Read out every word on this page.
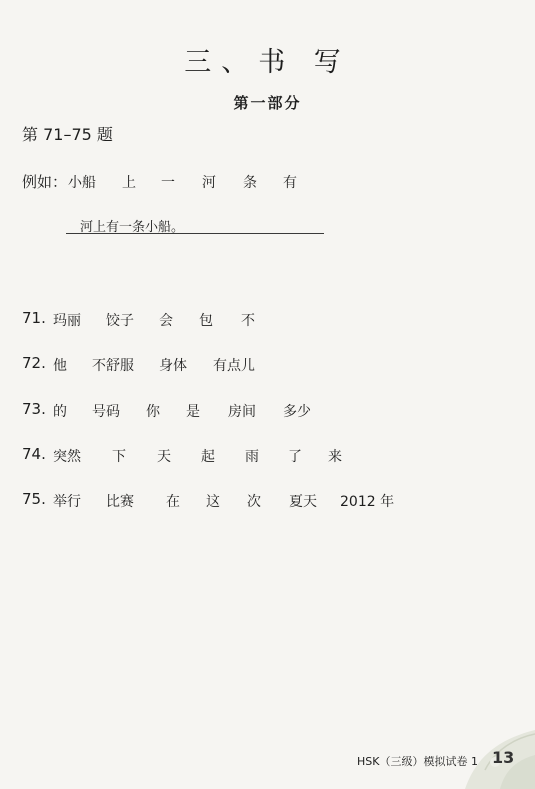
三、书 写
第一部分
第 71–75 题
例如： 小船 上 一 河 条 有
河上有一条小船。
71. 玛丽 饺子 会 包 不
72. 他 不舒服 身体 有点儿
73. 的 号码 你 是 房间 多少
74. 突然 下 天 起 雨 了 来
75. 举行 比赛 在 这 次 夏天 2012 年
HSK（三级）模拟试卷 1 13
